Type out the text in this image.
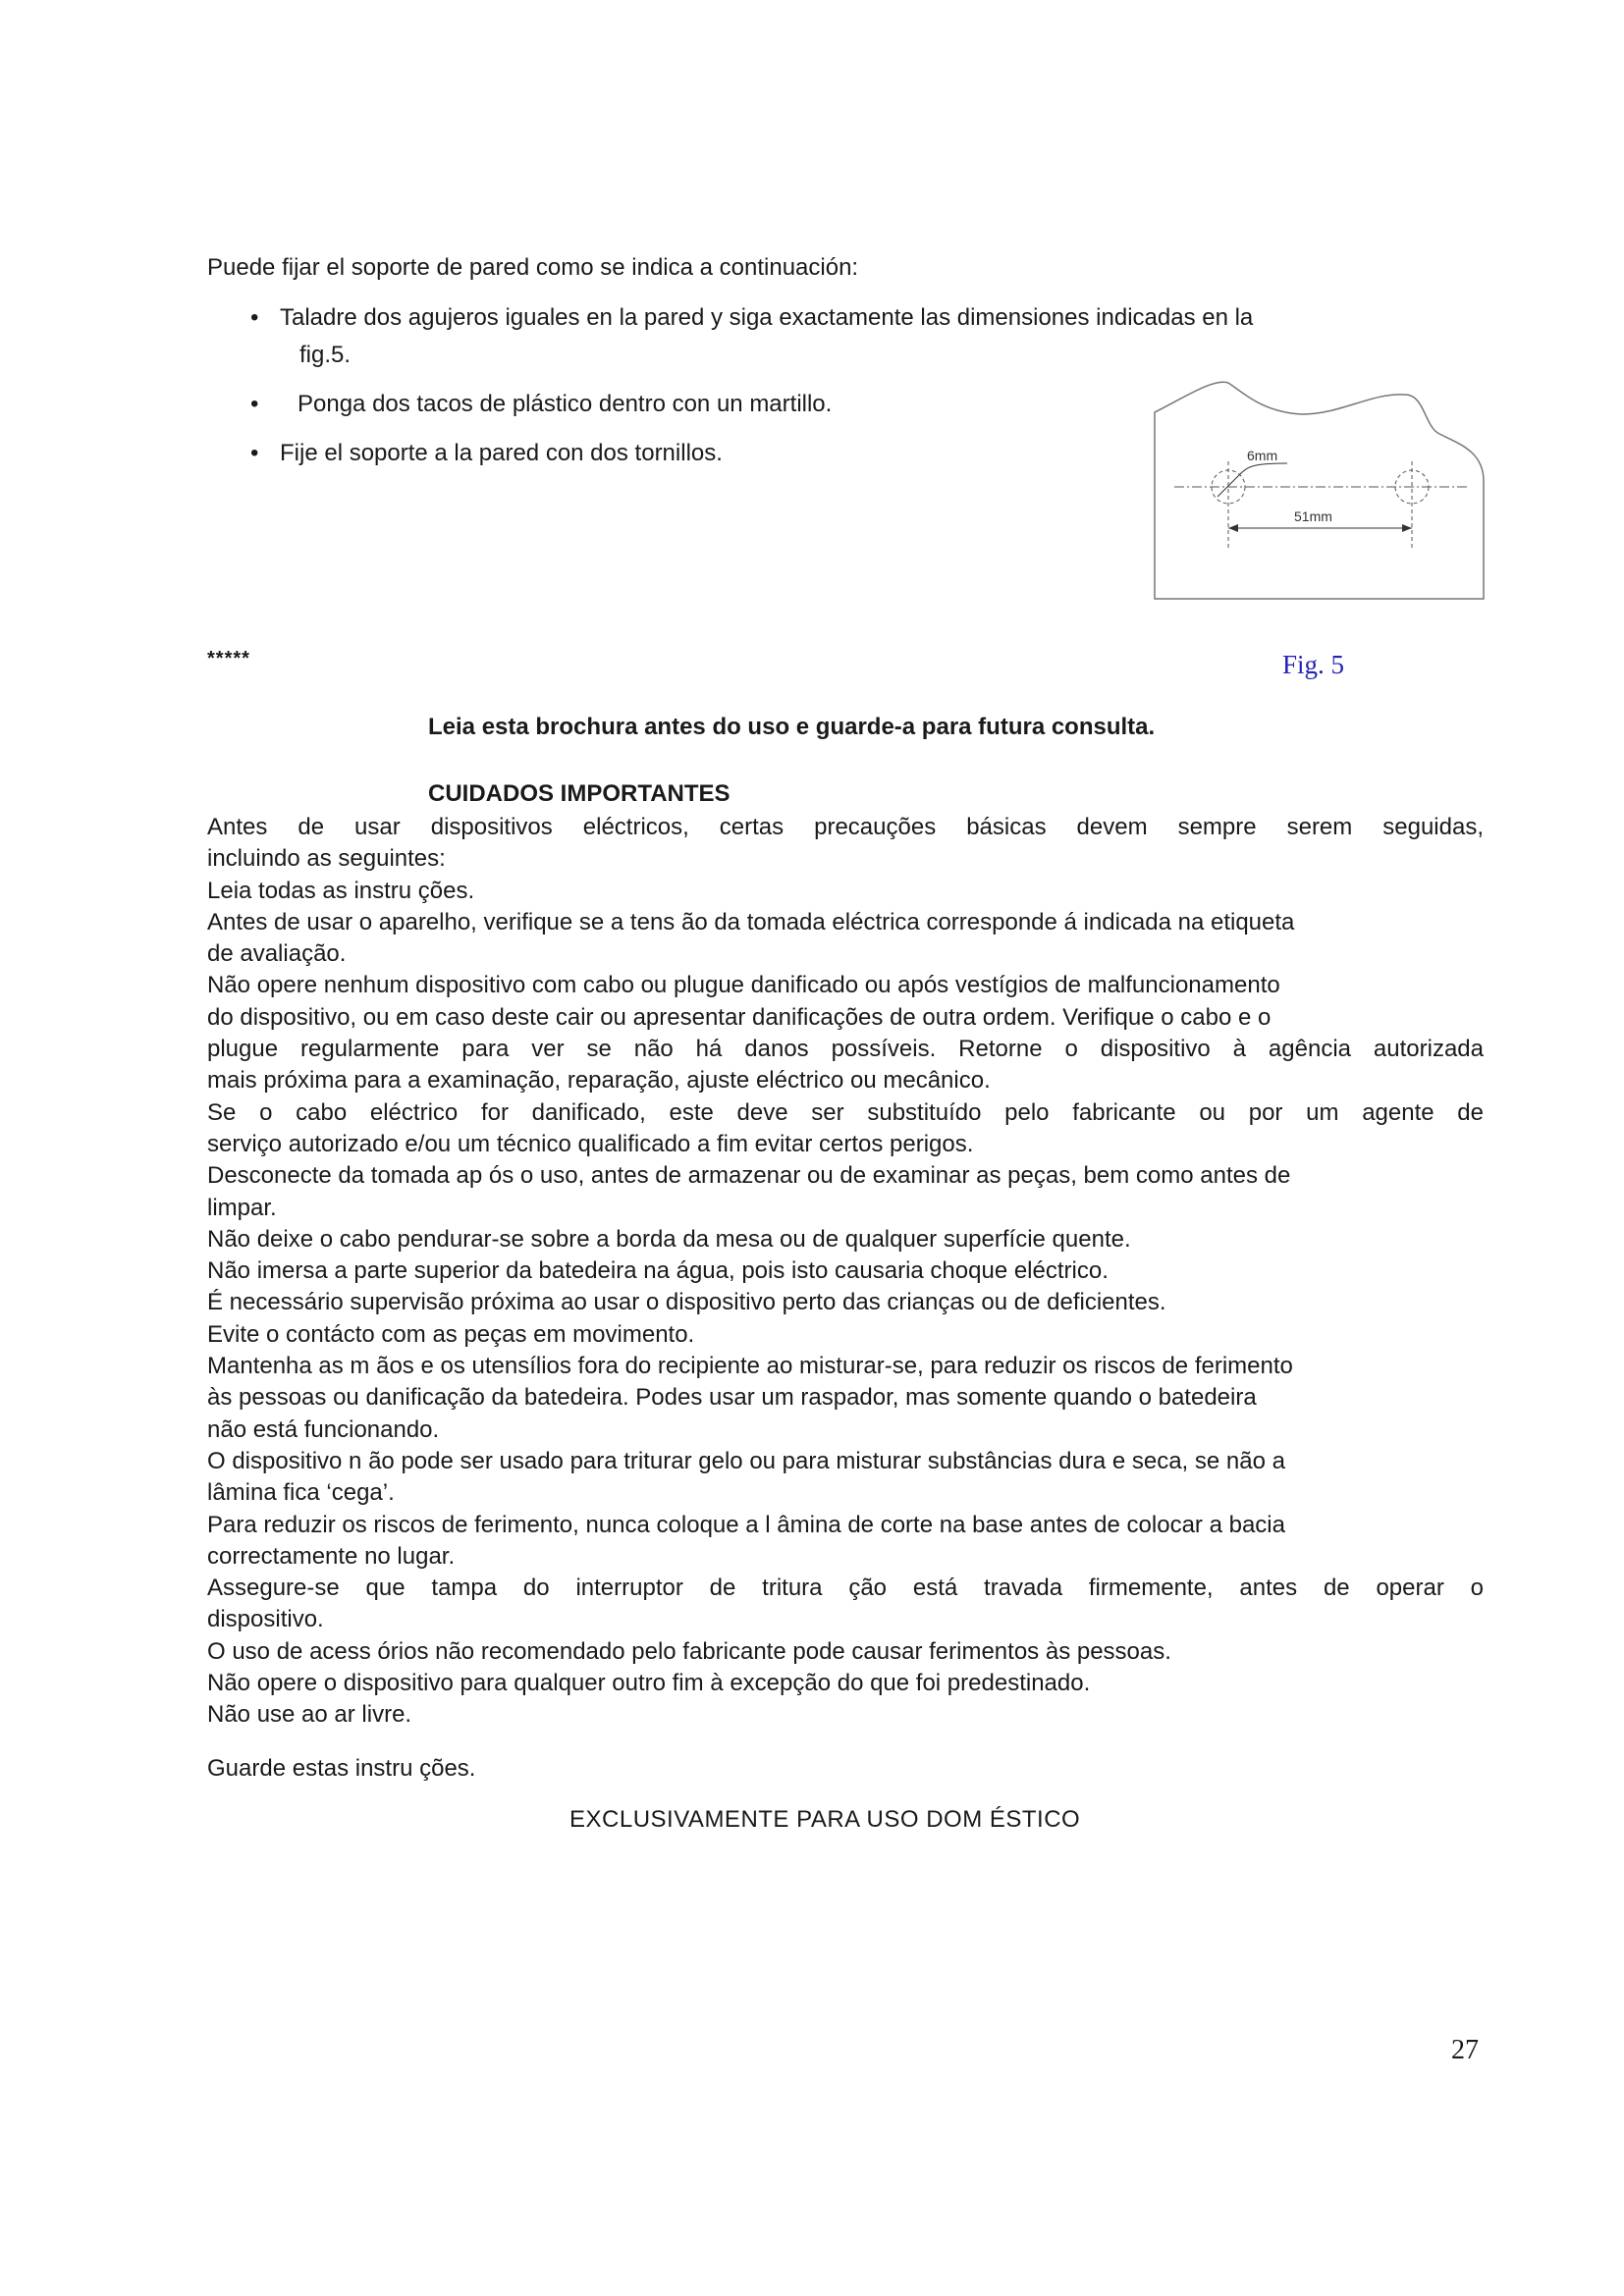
Puede fijar el soporte de pared como se indica a continuación:
• Taladre dos agujeros iguales en la pared y siga exactamente las dimensiones indicadas en la
fig.5.
• Ponga dos tacos de plástico dentro con un martillo.
• Fije el soporte a la pared con dos tornillos.	6mm
51mm
*****	Fig. 5
Leia esta brochura antes do uso e guarde-a para futura consulta.
CUIDADOS IMPORTANTES

Antes de usar dispositivos eléctricos, certas precauções básicas devem sempre serem seguidas,

incluindo as seguintes:

Leia todas as instru ções.

Antes de usar o aparelho, verifique se a tens ão da tomada eléctrica corresponde á indicada na etiqueta

de avaliação.

Não opere nenhum dispositivo com cabo ou plugue danificado ou após vestígios de malfuncionamento

do dispositivo, ou em caso deste cair ou apresentar danificações de outra ordem. Verifique o cabo e o

plugue regularmente para ver se não há danos possíveis. Retorne o dispositivo à agência autorizada

mais próxima para a examinação, reparação, ajuste eléctrico ou mecânico.

Se o cabo eléctrico for danificado, este deve ser substituído pelo fabricante ou por um agente de

serviço autorizado e/ou um técnico qualificado a fim evitar certos perigos.

Desconecte da tomada ap ós o uso, antes de armazenar ou de examinar as peças, bem como antes de

limpar.

Não deixe o cabo pendurar-se sobre a borda da mesa ou de qualquer superfície quente.

Não imersa a parte superior da batedeira na água, pois isto causaria choque eléctrico.

É necessário supervisão próxima ao usar o dispositivo perto das crianças ou de deficientes.

Evite o contácto com as peças em movimento.

Mantenha as m ãos e os utensílios fora do recipiente ao misturar-se, para reduzir os riscos de ferimento

às pessoas ou danificação da batedeira. Podes usar um raspador, mas somente quando o batedeira

não está funcionando.

O dispositivo n ão pode ser usado para triturar gelo ou para misturar substâncias dura e seca, se não a

lâmina fica ‘cega’.

Para reduzir os riscos de ferimento, nunca coloque a l âmina de corte na base antes de colocar a bacia

correctamente no lugar.

Assegure-se que tampa do interruptor de tritura ção está travada firmemente, antes de operar o

dispositivo.

O uso de acess órios não recomendado pelo fabricante pode causar ferimentos às pessoas.

Não opere o dispositivo para qualquer outro fim à excepção do que foi predestinado.

Não use ao ar livre.

Guarde estas instru ções.
EXCLUSIVAMENTE PARA USO DOM ÉSTICO
27
